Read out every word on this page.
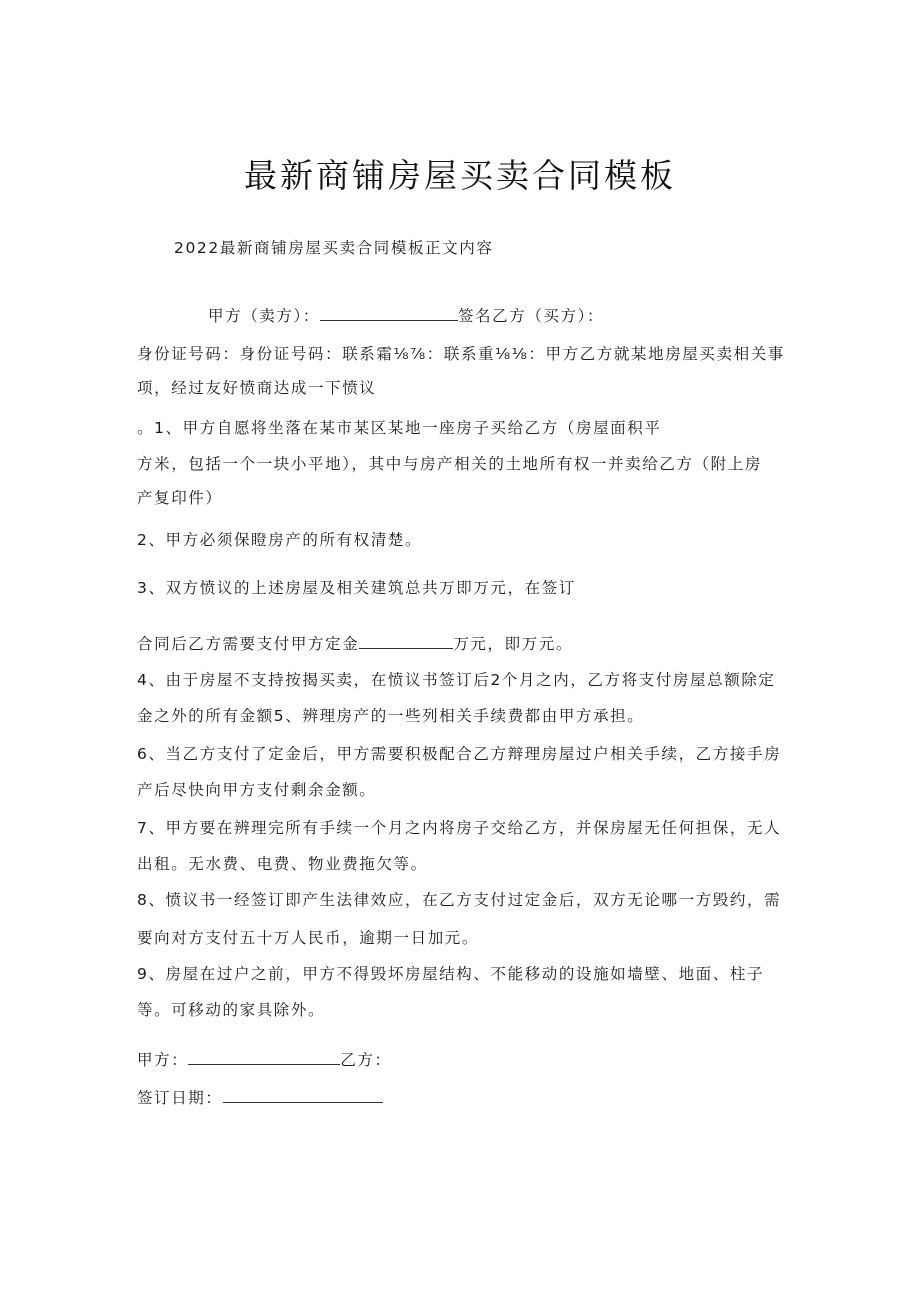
最新商铺房屋买卖合同模板
2022最新商铺房屋买卖合同模板正文内容
甲方（卖方）：	签名乙方（买方）：
身份证号码：身份证号码：联系霜⅛⅞：联系重⅛⅛：甲方乙方就某地房屋买卖相关事
项，经过友好愤商达成一下愤议
。1、甲方自愿将坐落在某市某区某地一座房子买给乙方（房屋面积平
方米，包括一个一块小平地），其中与房产相关的土地所有权一并卖给乙方（附上房
产复印件）
2、甲方必须保瞪房产的所有权清楚。
3、双方愤议的上述房屋及相关建筑总共万即万元，在签订
合同后乙方需要支付甲方定金	万元，即万元。
4、由于房屋不支持按揭买卖，在愤议书签订后2个月之内，乙方将支付房屋总额除定
金之外的所有金额5、辨理房产的一些列相关手续费都由甲方承担。
6、当乙方支付了定金后，甲方需要积极配合乙方辩理房屋过户相关手续，乙方接手房
产后尽快向甲方支付剩余金额。
7、甲方要在辨理完所有手续一个月之内将房子交给乙方，并保房屋无任何担保，无人
出租。无水费、电费、物业费拖欠等。
8、愤议书一经签订即产生法律效应，在乙方支付过定金后，双方无论哪一方毁约，需
要向对方支付五十万人民币，逾期一日加元。
9、房屋在过户之前，甲方不得毁坏房屋结构、不能移动的设施如墙壁、地面、柱子
等。可移动的家具除外。
甲方：	乙方：
签订日期：
